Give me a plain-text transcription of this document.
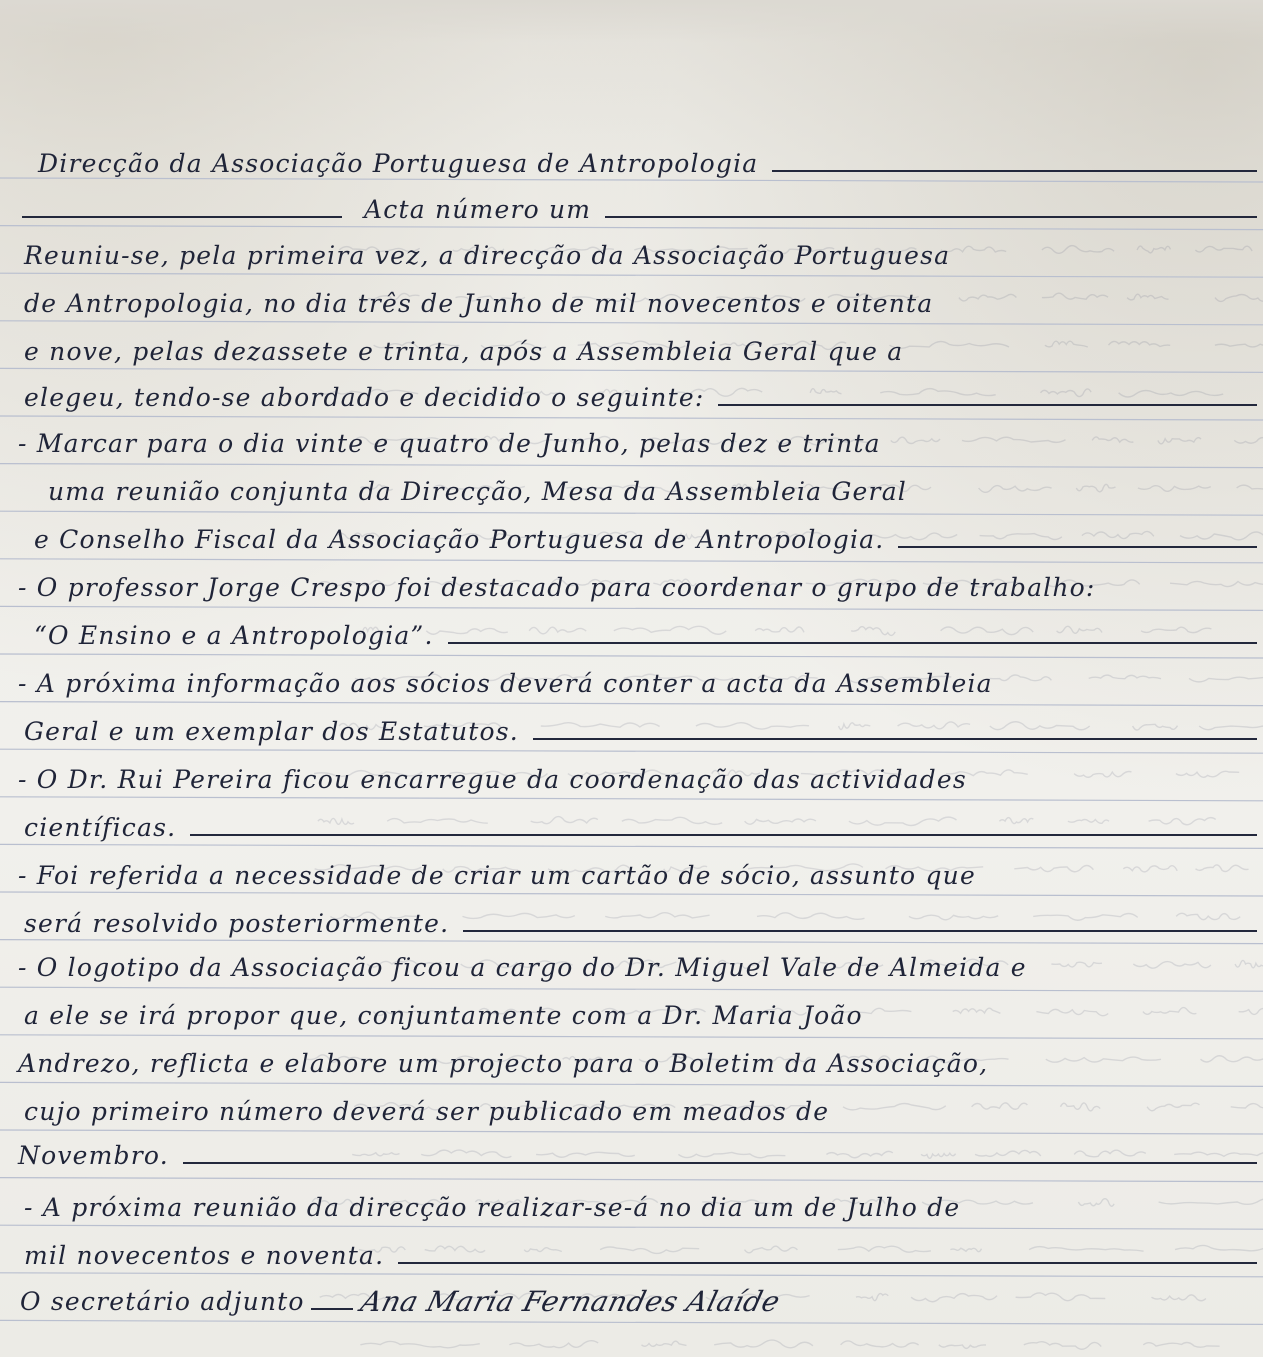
Direcção da Associação Portuguesa de Antropologia
Acta número um
Reuniu-se, pela primeira vez, a direcção da Associação Portuguesa
de Antropologia, no dia três de Junho de mil novecentos e oitenta
e nove, pelas dezassete e trinta, após a Assembleia Geral que a
elegeu, tendo-se abordado e decidido o seguinte:
- Marcar para o dia vinte e quatro de Junho, pelas dez e trinta
uma reunião conjunta da Direcção, Mesa da Assembleia Geral
e Conselho Fiscal da Associação Portuguesa de Antropologia.
- O professor Jorge Crespo foi destacado para coordenar o grupo de trabalho:
“O Ensino e a Antropologia”.
- A próxima informação aos sócios deverá conter a acta da Assembleia
Geral e um exemplar dos Estatutos.
- O Dr. Rui Pereira ficou encarregue da coordenação das actividades
científicas.
- Foi referida a necessidade de criar um cartão de sócio, assunto que
será resolvido posteriormente.
- O logotipo da Associação ficou a cargo do Dr. Miguel Vale de Almeida e
a ele se irá propor que, conjuntamente com a Dr. Maria João
Andrezo, reflicta e elabore um projecto para o Boletim da Associação,
cujo primeiro número deverá ser publicado em meados de
Novembro.
- A próxima reunião da direcção realizar-se-á no dia um de Julho de
mil novecentos e noventa.
O secretário adjunto Ana Maria Fernandes Alaíde
